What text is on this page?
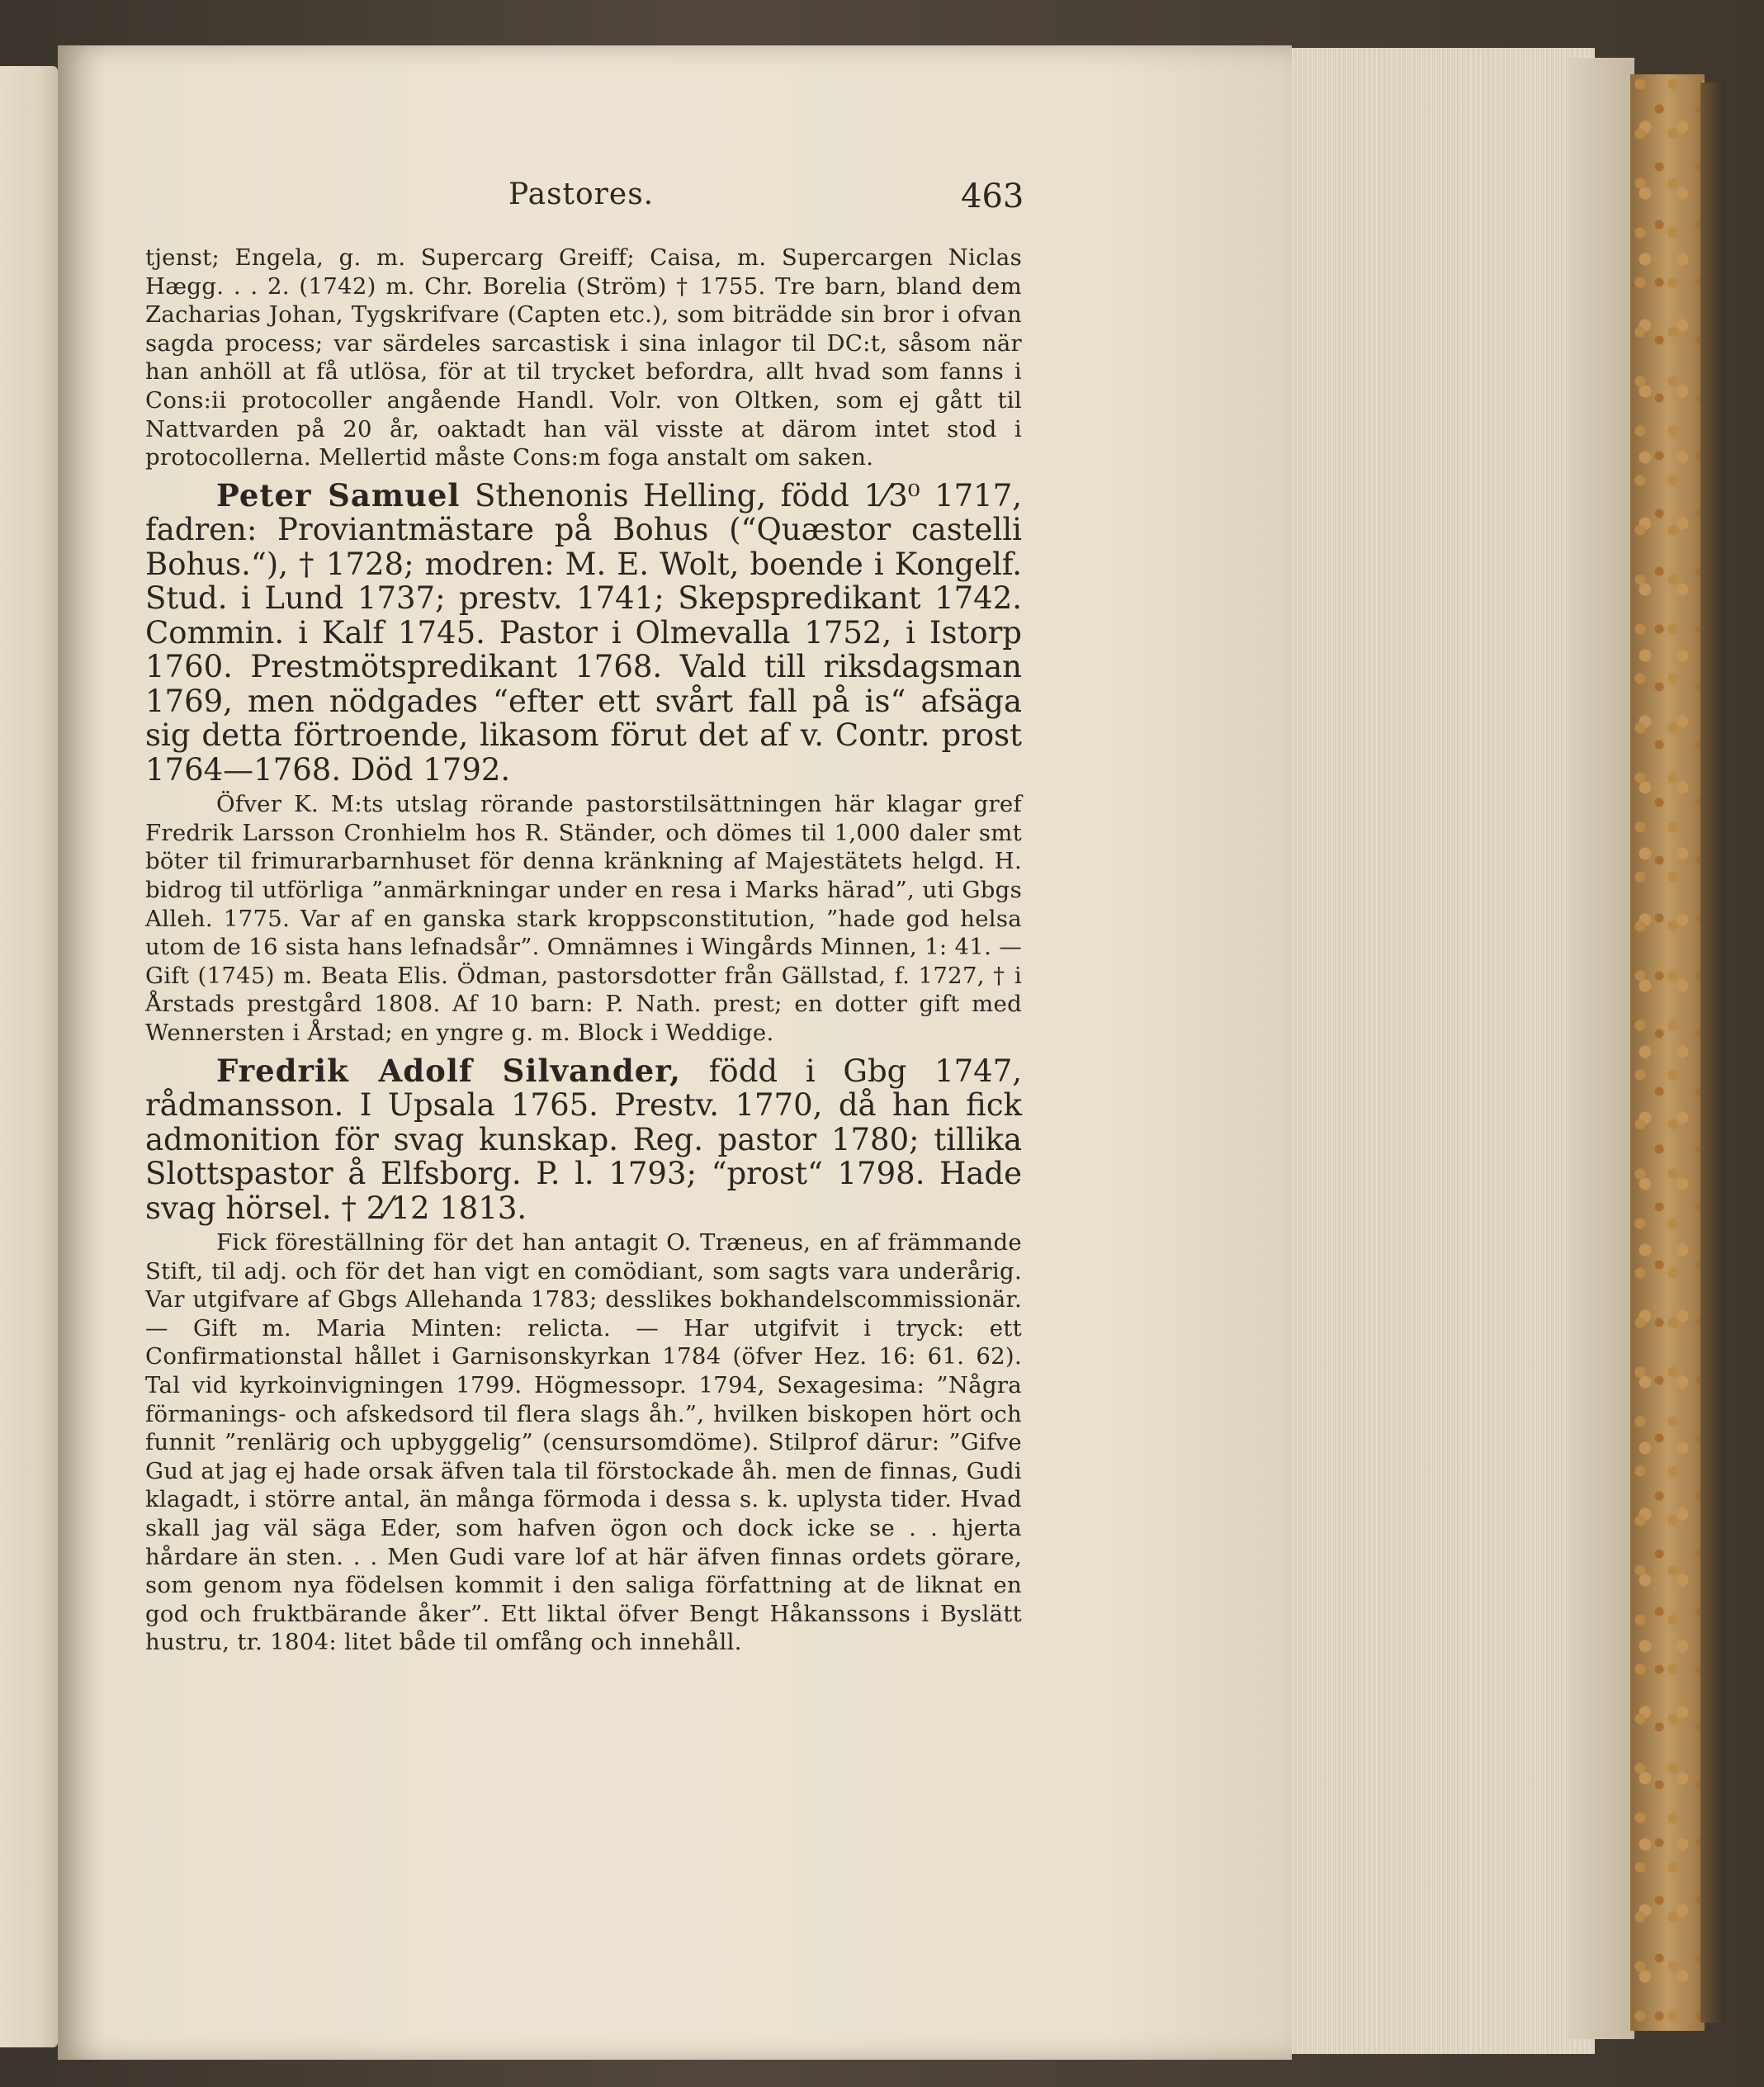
Pastores.	463

tjenst; Engela, g. m. Supercarg Greiff; Caisa, m. Supercargen Niclas Hægg. . . 2. (1742) m. Chr. Borelia (Ström) † 1755. Tre barn, bland dem Zacharias Johan, Tygskrifvare (Capten etc.), som biträdde sin bror i ofvan sagda process; var särdeles sarcastisk i sina inlagor til DC:t, såsom när han anhöll at få utlösa, för at til trycket befordra, allt hvad som fanns i Cons:ii protocoller angående Handl. Volr. von Oltken, som ej gått til Nattvarden på 20 år, oaktadt han väl visste at därom intet stod i protocollerna. Mellertid måste Cons:m foga anstalt om saken.

Peter Samuel Sthenonis Helling, född 1⁄3⁰ 1717, fadren: Proviantmästare på Bohus (“Quæstor castelli Bohus.“), † 1728; modren: M. E. Wolt, boende i Kongelf. Stud. i Lund 1737; prestv. 1741; Skepspredikant 1742. Commin. i Kalf 1745. Pastor i Olmevalla 1752, i Istorp 1760. Prestmötspredikant 1768. Vald till riksdagsman 1769, men nödgades “efter ett svårt fall på is“ afsäga sig detta förtroende, likasom förut det af v. Contr. prost 1764—1768. Död 1792.

Öfver K. M:ts utslag rörande pastorstilsättningen här klagar gref Fredrik Larsson Cronhielm hos R. Ständer, och dömes til 1,000 daler smt böter til frimurarbarnhuset för denna kränkning af Majestätets helgd. H. bidrog til utförliga ”anmärkningar under en resa i Marks härad”, uti Gbgs Alleh. 1775. Var af en ganska stark kroppsconstitution, ”hade god helsa utom de 16 sista hans lefnadsår”. Omnämnes i Wingårds Minnen, 1: 41. — Gift (1745) m. Beata Elis. Ödman, pastorsdotter från Gällstad, f. 1727, † i Årstads prestgård 1808. Af 10 barn: P. Nath. prest; en dotter gift med Wennersten i Årstad; en yngre g. m. Block i Weddige.

Fredrik Adolf Silvander, född i Gbg 1747, rådmansson. I Upsala 1765. Prestv. 1770, då han fick admonition för svag kunskap. Reg. pastor 1780; tillika Slottspastor å Elfsborg. P. l. 1793; “prost“ 1798. Hade svag hörsel. † 2⁄12 1813.

Fick föreställning för det han antagit O. Træneus, en af främmande Stift, til adj. och för det han vigt en comödiant, som sagts vara underårig. Var utgifvare af Gbgs Allehanda 1783; desslikes bokhandelscommissionär. — Gift m. Maria Minten: relicta. — Har utgifvit i tryck: ett Confirmationstal hållet i Garnisonskyrkan 1784 (öfver Hez. 16: 61. 62). Tal vid kyrkoinvigningen 1799. Högmessopr. 1794, Sexagesima: ”Några förmanings- och afskedsord til flera slags åh.”, hvilken biskopen hört och funnit ”renlärig och upbyggelig” (censursomdöme). Stilprof därur: ”Gifve Gud at jag ej hade orsak äfven tala til förstockade åh. men de finnas, Gudi klagadt, i större antal, än många förmoda i dessa s. k. uplysta tider. Hvad skall jag väl säga Eder, som hafven ögon och dock icke se . . hjerta hårdare än sten. . . Men Gudi vare lof at här äfven finnas ordets görare, som genom nya födelsen kommit i den saliga författning at de liknat en god och fruktbärande åker”. Ett liktal öfver Bengt Håkanssons i Byslätt hustru, tr. 1804: litet både til omfång och innehåll.
